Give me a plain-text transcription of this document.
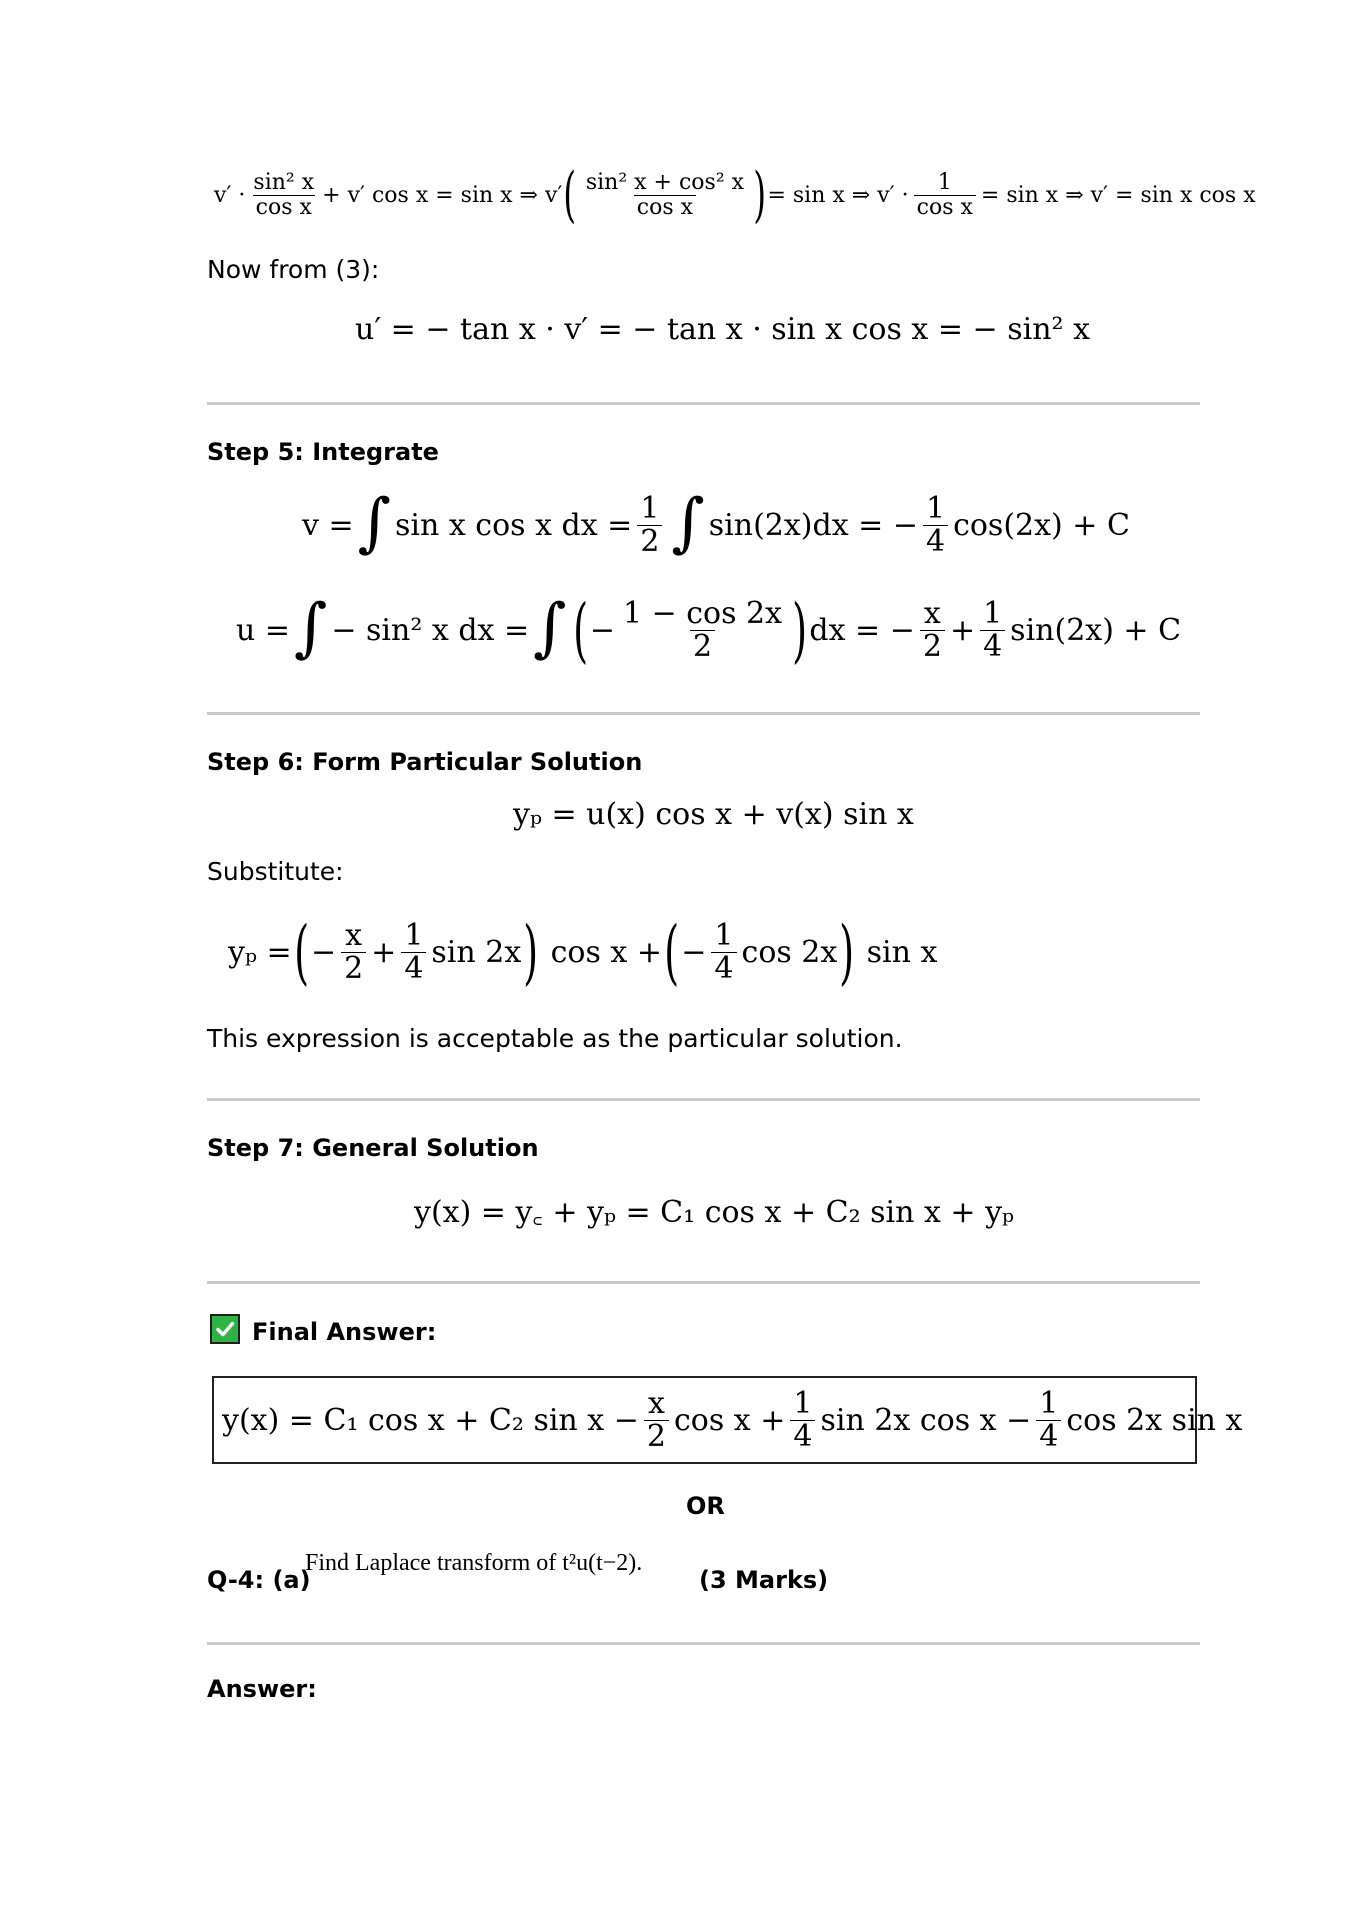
v′ · sin² x
cos x + v′ cos x = sin x ⇒ v′ ( sin² x + cos² x
cos x ) = sin x ⇒ $v' \cdot \frac{1}{\text{cos x}} = \sin x$ ⇒ v′ = sin x cos x
Now from (3):
u′ = − tan x · v′ = − tan x · sin x cos x = − sin² x
Step 5: Integrate
v = ∫ sin x cos x dx = $\frac{1}{2}$ ∫ sin(2x)dx = − $\frac{1}{4} \cos(2x) + C$
u = ∫ − sin² x dx = ∫ ( − $\frac{1 - \cos 2x}{2}$ ) dx = − $\frac{x}{2} + \frac{1}{4} \sin(2x) + C$
Step 6: Form Particular Solution
yₚ = u(x) cos x + v(x) sin x
Substitute:
yₚ = ( − $\frac{x}{2} + \frac{1}{4}$ sin 2x ) cos x + ( − $\frac{1}{4}$ cos 2x ) sin x
This expression is acceptable as the particular solution.
Step 7: General Solution
y(x) = y꜀ + yₚ = C₁ cos x + C₂ sin x + yₚ
Final Answer:
y(x) = C₁ cos x + C₂ $\sin x - \frac{x}{2}$ $\cos x + \frac{1}{4}$ sin 2x $\cos x - \frac{1}{4}$ cos 2x sin x
OR
Q-4: (a)
Find Laplace transform of t²u(t−2).
(3 Marks)
Answer:
